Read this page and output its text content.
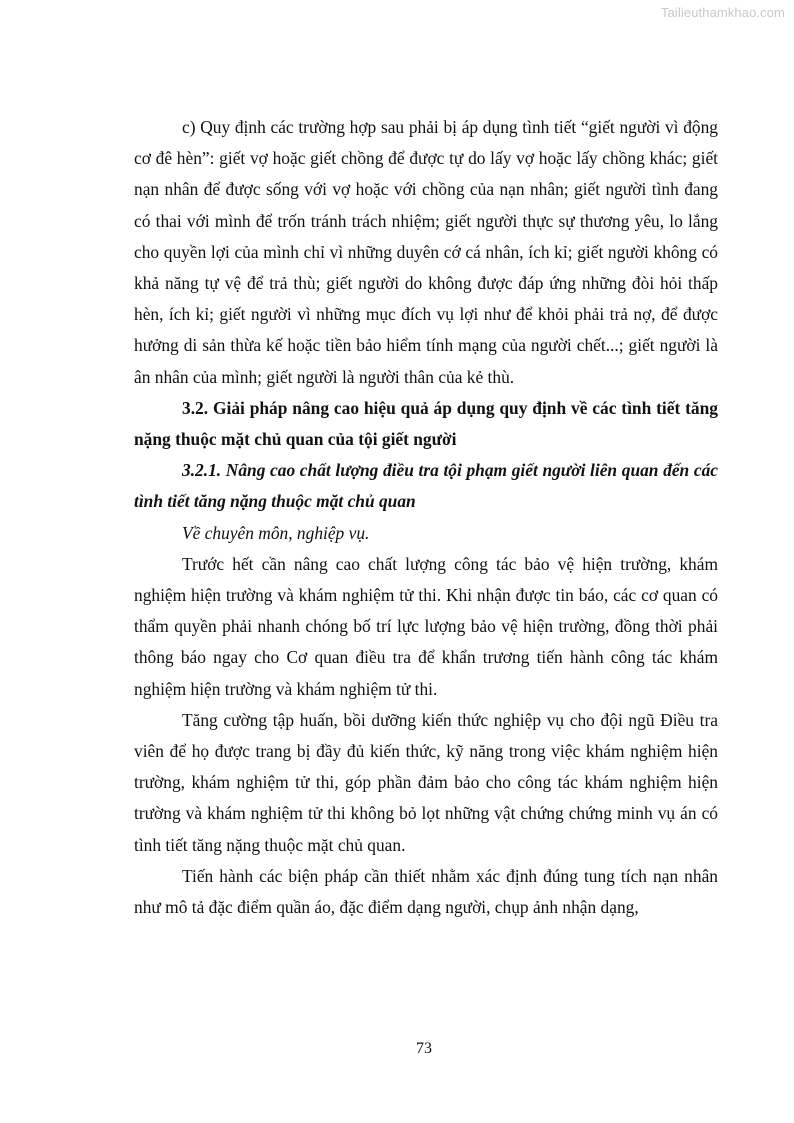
Tailieuthamkhao.com

c) Quy định các trường hợp sau phải bị áp dụng tình tiết “giết người vì động cơ đê hèn”: giết vợ hoặc giết chồng để được tự do lấy vợ hoặc lấy chồng khác; giết nạn nhân để được sống với vợ hoặc với chồng của nạn nhân; giết người tình đang có thai với mình để trốn tránh trách nhiệm; giết người thực sự thương yêu, lo lắng cho quyền lợi của mình chỉ vì những duyên cớ cá nhân, ích kỉ; giết người không có khả năng tự vệ để trả thù; giết người do không được đáp ứng những đòi hỏi thấp hèn, ích kỉ; giết người vì những mục đích vụ lợi như để khỏi phải trả nợ, để được hưởng di sản thừa kế hoặc tiền bảo hiểm tính mạng của người chết...; giết người là ân nhân của mình; giết người là người thân của kẻ thù.

3.2. Giải pháp nâng cao hiệu quả áp dụng quy định về các tình tiết tăng nặng thuộc mặt chủ quan của tội giết người

3.2.1. Nâng cao chất lượng điều tra tội phạm giết người liên quan đến các tình tiết tăng nặng thuộc mặt chủ quan

Về chuyên môn, nghiệp vụ.

Trước hết cần nâng cao chất lượng công tác bảo vệ hiện trường, khám nghiệm hiện trường và khám nghiệm tử thi. Khi nhận được tin báo, các cơ quan có thẩm quyền phải nhanh chóng bố trí lực lượng bảo vệ hiện trường, đồng thời phải thông báo ngay cho Cơ quan điều tra để khẩn trương tiến hành công tác khám nghiệm hiện trường và khám nghiệm tử thi.

Tăng cường tập huấn, bồi dưỡng kiến thức nghiệp vụ cho đội ngũ Điều tra viên để họ được trang bị đầy đủ kiến thức, kỹ năng trong việc khám nghiệm hiện trường, khám nghiệm tử thi, góp phần đảm bảo cho công tác khám nghiệm hiện trường và khám nghiệm tử thi không bỏ lọt những vật chứng chứng minh vụ án có tình tiết tăng nặng thuộc mặt chủ quan.

Tiến hành các biện pháp cần thiết nhằm xác định đúng tung tích nạn nhân như mô tả đặc điểm quần áo, đặc điểm dạng người, chụp ảnh nhận dạng,

73
